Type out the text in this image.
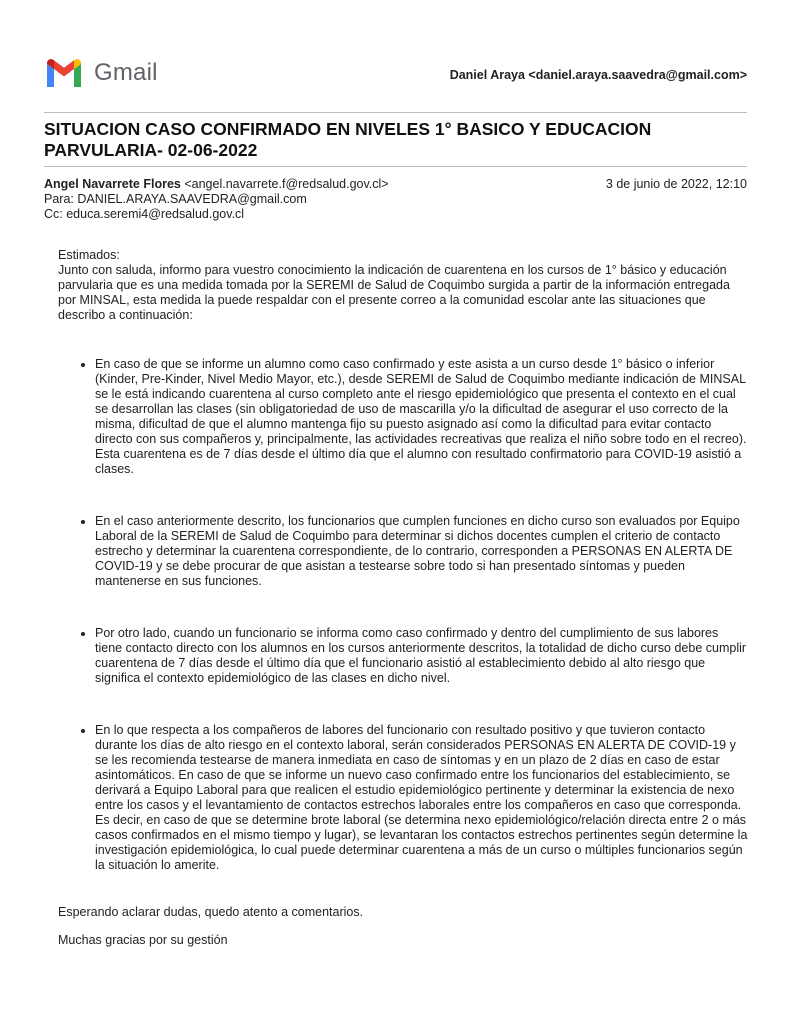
Gmail	Daniel Araya <daniel.araya.saavedra@gmail.com>
SITUACION CASO CONFIRMADO EN NIVELES 1° BASICO Y EDUCACION PARVULARIA- 02-06-2022
Angel Navarrete Flores <angel.navarrete.f@redsalud.gov.cl>	3 de junio de 2022, 12:10
Para: DANIEL.ARAYA.SAAVEDRA@gmail.com
Cc: educa.seremi4@redsalud.gov.cl

Estimados:

Junto con saluda, informo para vuestro conocimiento la indicación de cuarentena en los cursos de 1° básico y educación parvularia que es una medida tomada por la SEREMI de Salud de Coquimbo surgida a partir de la información entregada por MINSAL, esta medida la puede respaldar con el presente correo a la comunidad escolar ante las situaciones que describo a continuación:

• En caso de que se informe un alumno como caso confirmado y este asista a un curso desde 1° básico o inferior (Kinder, Pre-Kinder, Nivel Medio Mayor, etc.), desde SEREMI de Salud de Coquimbo mediante indicación de MINSAL se le está indicando cuarentena al curso completo ante el riesgo epidemiológico que presenta el contexto en el cual se desarrollan las clases (sin obligatoriedad de uso de mascarilla y/o la dificultad de asegurar el uso correcto de la misma, dificultad de que el alumno mantenga fijo su puesto asignado así como la dificultad para evitar contacto directo con sus compañeros y, principalmente, las actividades recreativas que realiza el niño sobre todo en el recreo). Esta cuarentena es de 7 días desde el último día que el alumno con resultado confirmatorio para COVID-19 asistió a clases.
• En el caso anteriormente descrito, los funcionarios que cumplen funciones en dicho curso son evaluados por Equipo Laboral de la SEREMI de Salud de Coquimbo para determinar si dichos docentes cumplen el criterio de contacto estrecho y determinar la cuarentena correspondiente, de lo contrario, corresponden a PERSONAS EN ALERTA DE COVID-19 y se debe procurar de que asistan a testearse sobre todo si han presentado síntomas y pueden mantenerse en sus funciones.
• Por otro lado, cuando un funcionario se informa como caso confirmado y dentro del cumplimiento de sus labores tiene contacto directo con los alumnos en los cursos anteriormente descritos, la totalidad de dicho curso debe cumplir cuarentena de 7 días desde el último día que el funcionario asistió al establecimiento debido al alto riesgo que significa el contexto epidemiológico de las clases en dicho nivel.
• En lo que respecta a los compañeros de labores del funcionario con resultado positivo y que tuvieron contacto durante los días de alto riesgo en el contexto laboral, serán considerados PERSONAS EN ALERTA DE COVID-19 y se les recomienda testearse de manera inmediata en caso de síntomas y en un plazo de 2 días en caso de estar asintomáticos. En caso de que se informe un nuevo caso confirmado entre los funcionarios del establecimiento, se derivará a Equipo Laboral para que realicen el estudio epidemiológico pertinente y determinar la existencia de nexo entre los casos y el levantamiento de contactos estrechos laborales entre los compañeros en caso que corresponda. Es decir, en caso de que se determine brote laboral (se determina nexo epidemiológico/relación directa entre 2 o más casos confirmados en el mismo tiempo y lugar), se levantaran los contactos estrechos pertinentes según determine la investigación epidemiológica, lo cual puede determinar cuarentena a más de un curso o múltiples funcionarios según la situación lo amerite.

Esperando aclarar dudas, quedo atento a comentarios.

Muchas gracias por su gestión
